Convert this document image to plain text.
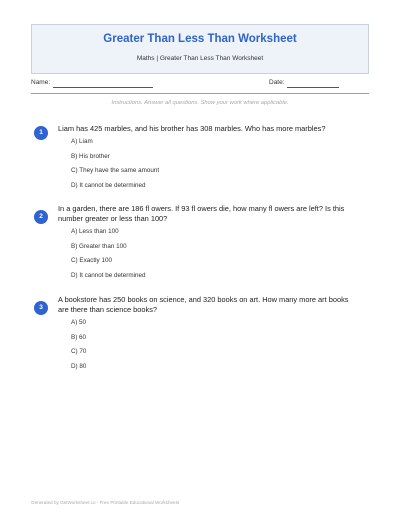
Greater Than Less Than Worksheet
Maths | Greater Than Less Than Worksheet
Name:	Date:
Instructions. Answer all questions. Show your work where applicable.
1	Liam has 425 marbles, and his brother has 308 marbles. Who has more marbles?
A) Liam
B) His brother
C) They have the same amount
D) It cannot be determined
2
In a garden, there are 186 fl owers. If 93 fl owers die, how many fl owers are left? Is this number greater or less than 100?
A) Less than 100
B) Greater than 100
C) Exactly 100
D) It cannot be determined
3
A bookstore has 250 books on science, and 320 books on art. How many more art books are there than science books?
A) 50
B) 60
C) 70
D) 80
Generated by GetWorksheet.co - Free Printable Educational Worksheets
